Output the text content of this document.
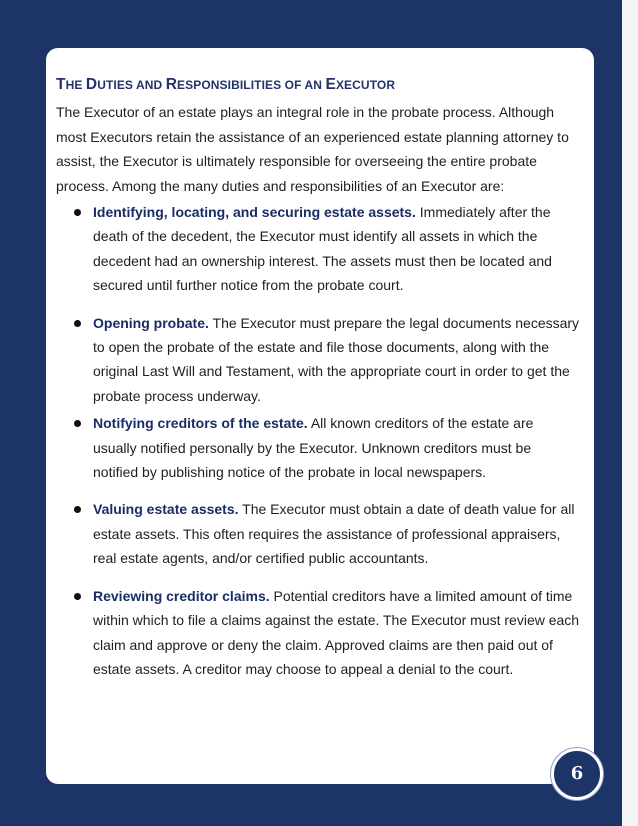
THE DUTIES AND RESPONSIBILITIES OF AN EXECUTOR

The Executor of an estate plays an integral role in the probate process. Although most Executors retain the assistance of an experienced estate planning attorney to assist, the Executor is ultimately responsible for overseeing the entire probate process. Among the many duties and responsibilities of an Executor are:

Identifying, locating, and securing estate assets. Immediately after the death of the decedent, the Executor must identify all assets in which the decedent had an ownership interest. The assets must then be located and secured until further notice from the probate court.
Opening probate. The Executor must prepare the legal documents necessary to open the probate of the estate and file those documents, along with the original Last Will and Testament, with the appropriate court in order to get the probate process underway.
Notifying creditors of the estate. All known creditors of the estate are usually notified personally by the Executor. Unknown creditors must be notified by publishing notice of the probate in local newspapers.
Valuing estate assets. The Executor must obtain a date of death value for all estate assets. This often requires the assistance of professional appraisers, real estate agents, and/or certified public accountants.
Reviewing creditor claims. Potential creditors have a limited amount of time within which to file a claims against the estate. The Executor must review each claim and approve or deny the claim. Approved claims are then paid out of estate assets. A creditor may choose to appeal a denial to the court.
6
